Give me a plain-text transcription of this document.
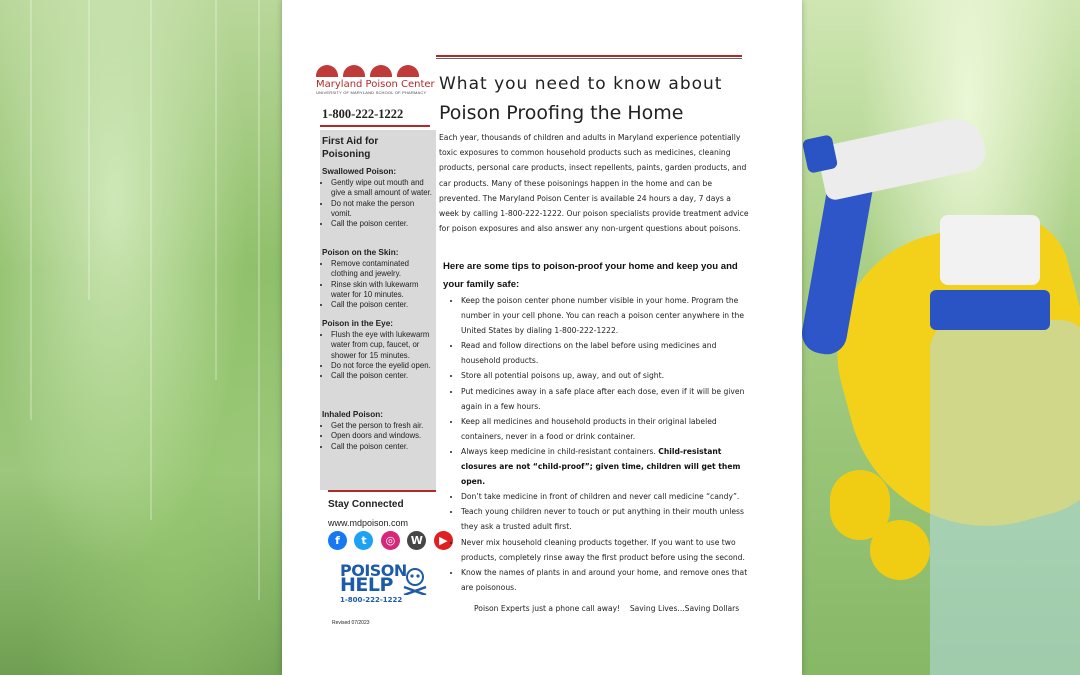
Maryland Poison Center
UNIVERSITY OF MARYLAND SCHOOL OF PHARMACY
1-800-222-1222
First Aid for Poisoning
Swallowed Poison:
• Gently wipe out mouth and give a small amount of water.
• Do not make the person vomit.
• Call the poison center.
Poison on the Skin:
• Remove contaminated clothing and jewelry.
• Rinse skin with lukewarm water for 10 minutes.
• Call the poison center.
Poison in the Eye:
• Flush the eye with lukewarm water from cup, faucet, or shower for 15 minutes.
• Do not force the eyelid open.
• Call the poison center.
Inhaled Poison:
• Get the person to fresh air.
• Open doors and windows.
• Call the poison center.
Stay Connected
www.mdpoison.com
f t ◎ W ▶
POISON
HELP
1-800-222-1222
Revised 07/2023
What you need to know about
Poison Proofing the Home
Each year, thousands of children and adults in Maryland experience potentially toxic exposures to common household products such as medicines, cleaning products, personal care products, insect repellents, paints, garden products, and car products. Many of these poisonings happen in the home and can be prevented. The Maryland Poison Center is available 24 hours a day, 7 days a week by calling 1-800-222-1222. Our poison specialists provide treatment advice for poison exposures and also answer any non-urgent questions about poisons.
Here are some tips to poison-proof your home and keep you and your family safe:
• Keep the poison center phone number visible in your home. Program the number in your cell phone. You can reach a poison center anywhere in the United States by dialing 1-800-222-1222.
• Read and follow directions on the label before using medicines and household products.
• Store all potential poisons up, away, and out of sight.
• Put medicines away in a safe place after each dose, even if it will be given again in a few hours.
• Keep all medicines and household products in their original labeled containers, never in a food or drink container.
• Always keep medicine in child-resistant containers. Child-resistant closures are not “child-proof”; given time, children will get them open.
• Don’t take medicine in front of children and never call medicine “candy”.
• Teach young children never to touch or put anything in their mouth unless they ask a trusted adult first.
• Never mix household cleaning products together. If you want to use two products, completely rinse away the first product before using the second.
• Know the names of plants in and around your home, and remove ones that are poisonous.
Poison Experts just a phone call away!    Saving Lives...Saving Dollars
